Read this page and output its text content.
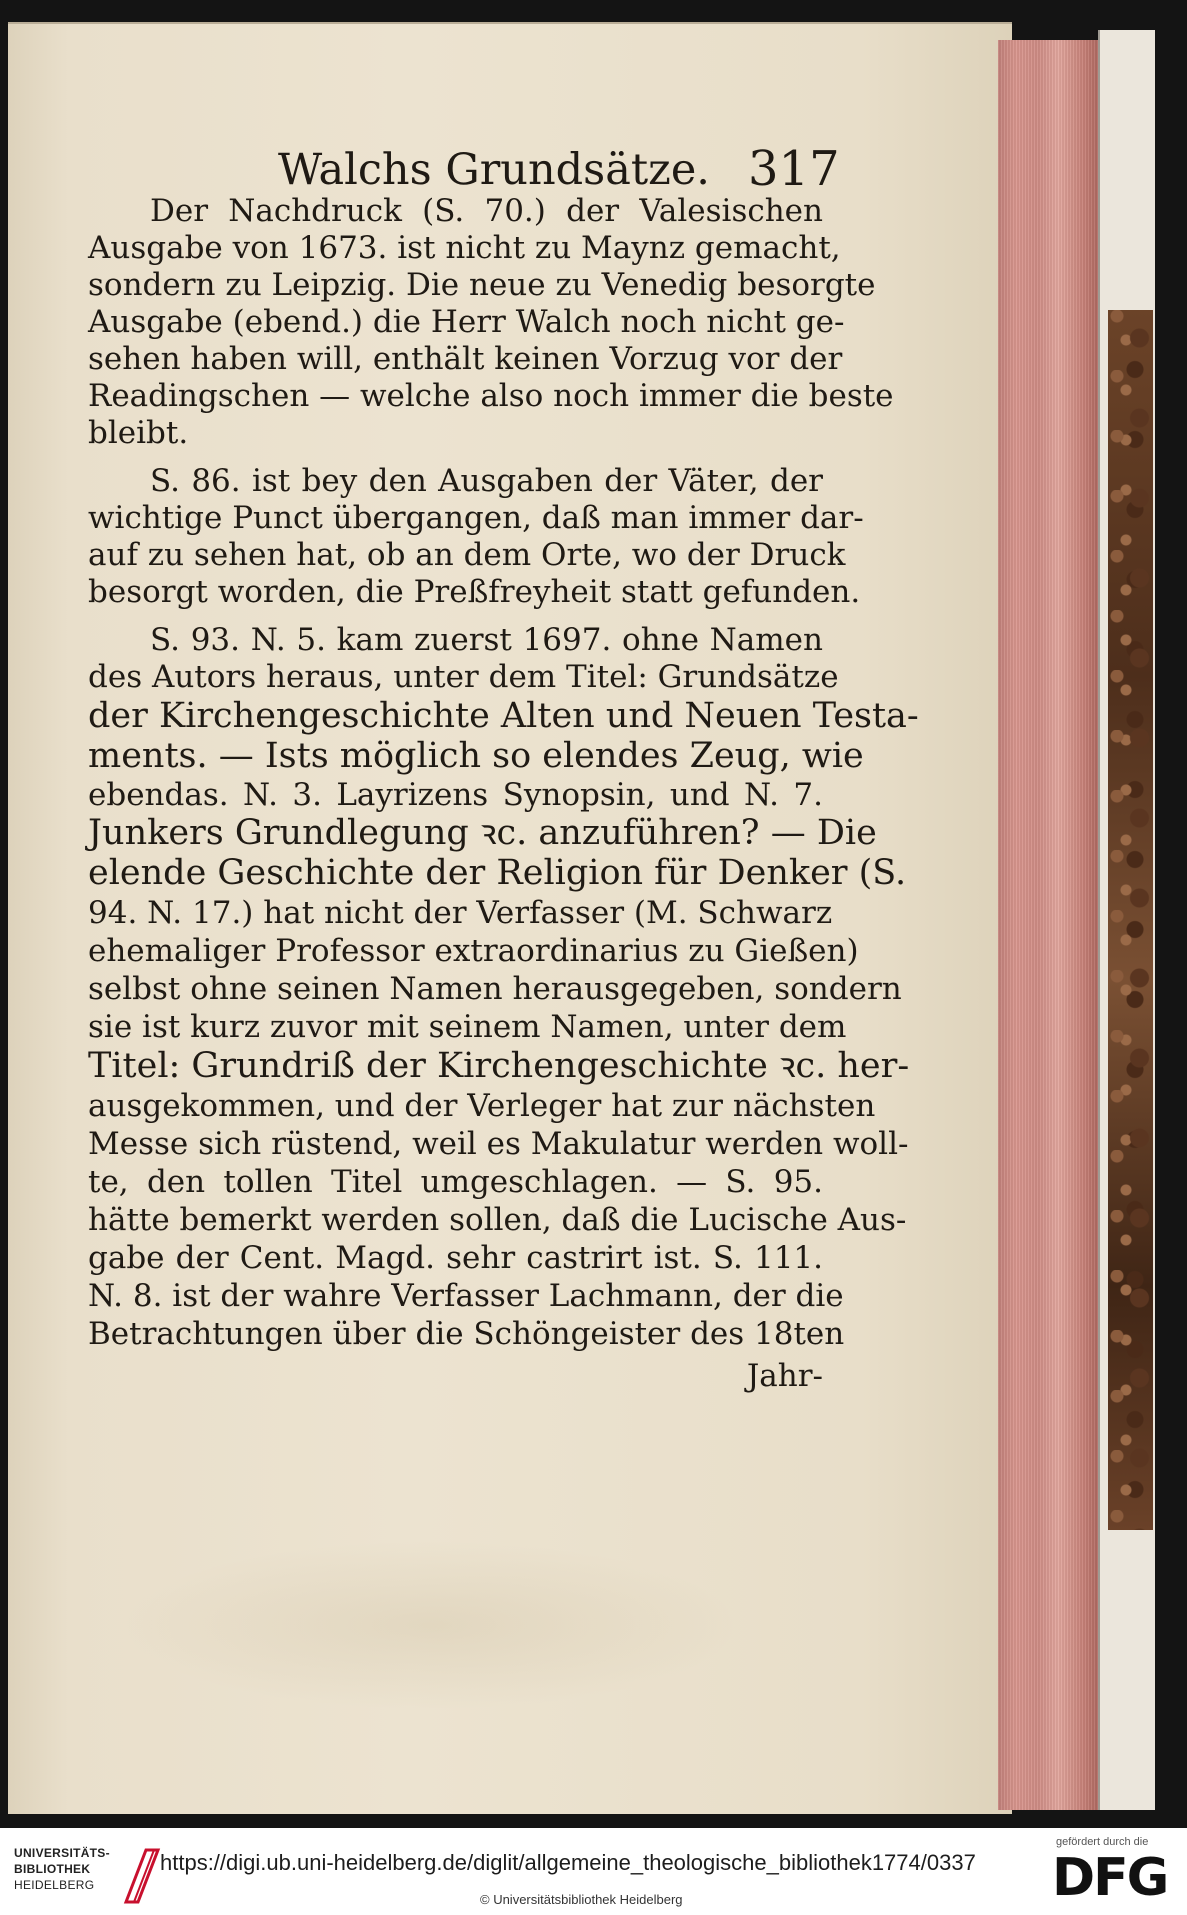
Walchs Grundsätze. 317
Der Nachdruck (S. 70.) der Valesischen
Ausgabe von 1673. ist nicht zu Maynz gemacht,
sondern zu Leipzig. Die neue zu Venedig besorgte
Ausgabe (ebend.) die Herr Walch noch nicht ge-
sehen haben will, enthält keinen Vorzug vor der
Readingschen — welche also noch immer die beste
bleibt.
S. 86. ist bey den Ausgaben der Väter, der
wichtige Punct übergangen, daß man immer dar-
auf zu sehen hat, ob an dem Orte, wo der Druck
besorgt worden, die Preßfreyheit statt gefunden.
S. 93. N. 5. kam zuerst 1697. ohne Namen
des Autors heraus, unter dem Titel: Grundsätze
der Kirchengeschichte Alten und Neuen Testa-
ments. — Ists möglich so elendes Zeug, wie
ebendas. N. 3. Layrizens Synopsin, und N. 7.
Junkers Grundlegung ꝛc. anzuführen? — Die
elende Geschichte der Religion für Denker (S.
94. N. 17.) hat nicht der Verfasser (M. Schwarz
ehemaliger Professor extraordinarius zu Gießen)
selbst ohne seinen Namen herausgegeben, sondern
sie ist kurz zuvor mit seinem Namen, unter dem
Titel: Grundriß der Kirchengeschichte ꝛc. her-
ausgekommen, und der Verleger hat zur nächsten
Messe sich rüstend, weil es Makulatur werden woll-
te, den tollen Titel umgeschlagen. — S. 95.
hätte bemerkt werden sollen, daß die Lucische Aus-
gabe der Cent. Magd. sehr castrirt ist. S. 111.
N. 8. ist der wahre Verfasser Lachmann, der die
Betrachtungen über die Schöngeister des 18ten
Jahr-
UNIVERSITÄTS-
BIBLIOTHEK
HEIDELBERG
https://digi.ub.uni-heidelberg.de/diglit/allgemeine_theologische_bibliothek1774/0337
© Universitätsbibliothek Heidelberg
gefördert durch die
DFG
